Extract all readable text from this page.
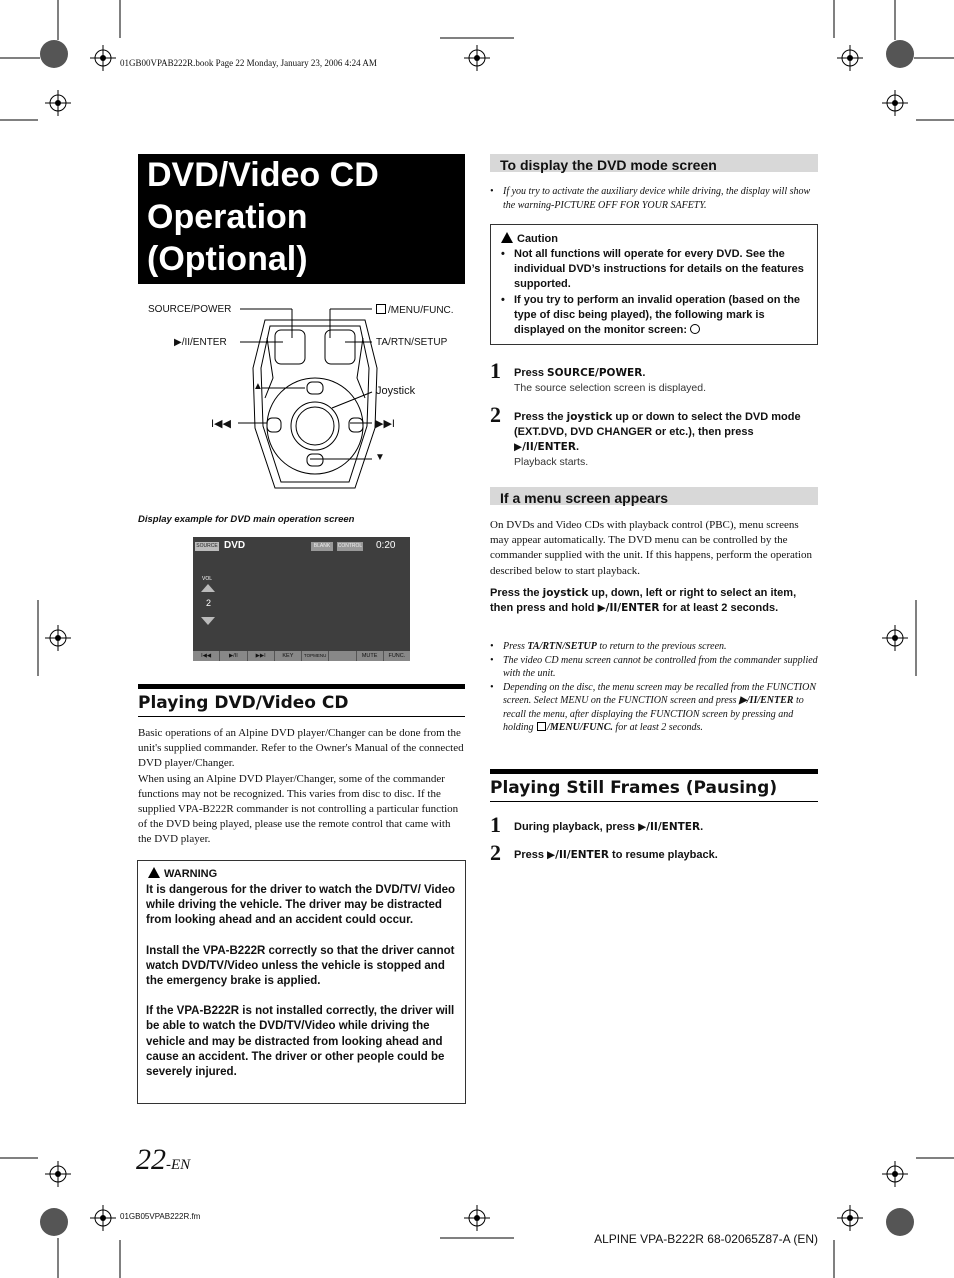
01GB00VPAB222R.book Page 22 Monday, January 23, 2006 4:24 AM
DVD/Video CD
Operation
(Optional)
SOURCE/POWER	/MENU/FUNC.
▶/II/ENTER	TA/RTN/SETUP
▲	Joystick
I◀◀	▶▶I
▼
Display example for DVD main operation screen
SOURCE DVD	BLANK	CONTROL 0:20
VOL
2
I◀◀	▶/II	▶▶I	KEY	TOPMENU	MUTE	FUNC.
Playing DVD/Video CD
Basic operations of an Alpine DVD player/Changer can be done from the unit's supplied commander. Refer to the Owner's Manual of the connected DVD player/Changer.
When using an Alpine DVD Player/Changer, some of the commander functions may not be recognized. This varies from disc to disc. If the supplied VPA-B222R commander is not controlling a particular function of the DVD being played, please use the remote control that came with the DVD player.
WARNING
It is dangerous for the driver to watch the DVD/TV/ Video while driving the vehicle. The driver may be distracted from looking ahead and an accident could occur.
Install the VPA-B222R correctly so that the driver cannot watch DVD/TV/Video unless the vehicle is stopped and the emergency brake is applied.
If the VPA-B222R is not installed correctly, the driver will be able to watch the DVD/TV/Video while driving the vehicle and may be distracted from looking ahead and cause an accident. The driver or other people could be severely injured.
22-EN
01GB05VPAB222R.fm
ALPINE VPA-B222R 68-02065Z87-A (EN)
To display the DVD mode screen
• If you try to activate the auxiliary device while driving, the display will show the warning-PICTURE OFF FOR YOUR SAFETY.
Caution
• Not all functions will operate for every DVD. See the individual DVD’s instructions for details on the features supported.
• If you try to perform an invalid operation (based on the type of disc being played), the following mark is displayed on the monitor screen:
1 Press SOURCE/POWER.
The source selection screen is displayed.
2 Press the joystick up or down to select the DVD mode (EXT.DVD, DVD CHANGER or etc.), then press ▶/II/ENTER.
Playback starts.
If a menu screen appears
On DVDs and Video CDs with playback control (PBC), menu screens may appear automatically. The DVD menu can be controlled by the commander supplied with the unit. If this happens, perform the operation described below to start playback.
Press the joystick up, down, left or right to select an item, then press and hold ▶/II/ENTER for at least 2 seconds.
• Press TA/RTN/SETUP to return to the previous screen.
• The video CD menu screen cannot be controlled from the commander supplied with the unit.
• Depending on the disc, the menu screen may be recalled from the FUNCTION screen. Select MENU on the FUNCTION screen and press ▶/II/ENTER to recall the menu, after displaying the FUNCTION screen by pressing and holding /MENU/FUNC. for at least 2 seconds.
Playing Still Frames (Pausing)
1 During playback, press ▶/II/ENTER.
2 Press ▶/II/ENTER to resume playback.
